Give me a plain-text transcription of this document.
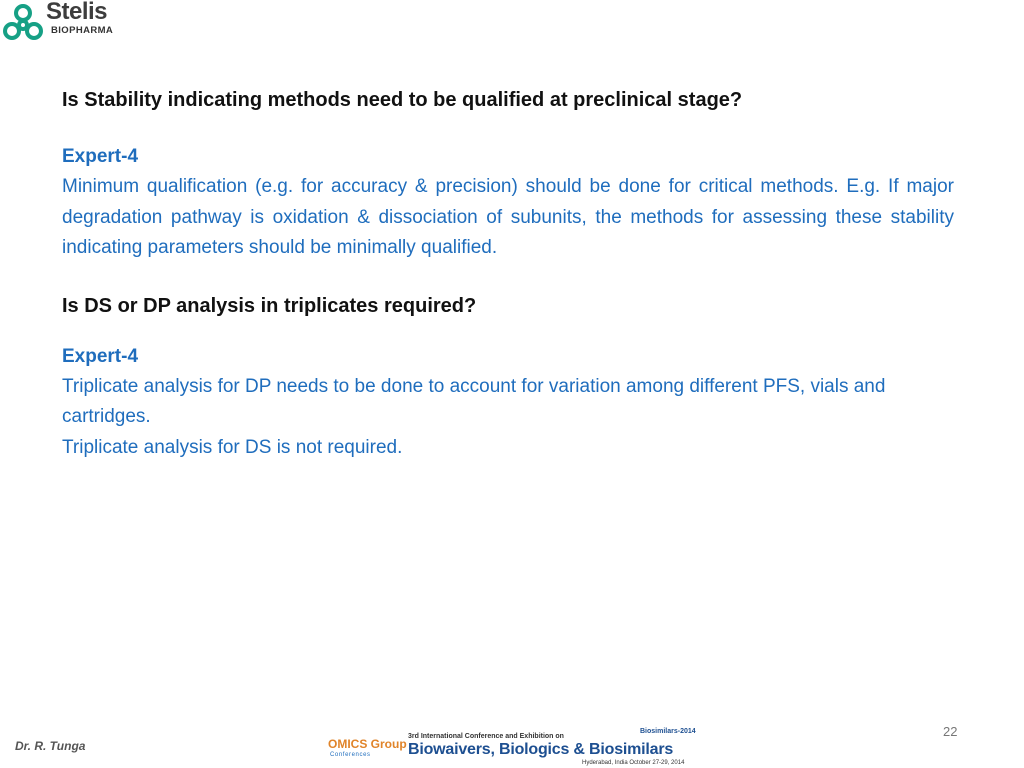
Stelis
BIOPHARMA

Is Stability indicating methods need to be qualified at preclinical stage?

Expert-4

Minimum qualification (e.g. for accuracy & precision) should be done for critical methods. E.g. If major degradation pathway is oxidation & dissociation of subunits, the methods for assessing these stability indicating parameters should be minimally qualified.

Is DS or DP analysis in triplicates required?

Expert-4

Triplicate analysis for DP needs to be done to account for variation among different PFS, vials and cartridges.

Triplicate analysis for DS is not required.

22
Dr. R. Tunga	OMICS Group
Conferences
3rd International Conference and Exhibition on
Biowaivers, Biologics & Biosimilars
Biosimilars-2014
Hyderabad, India October 27-29, 2014
